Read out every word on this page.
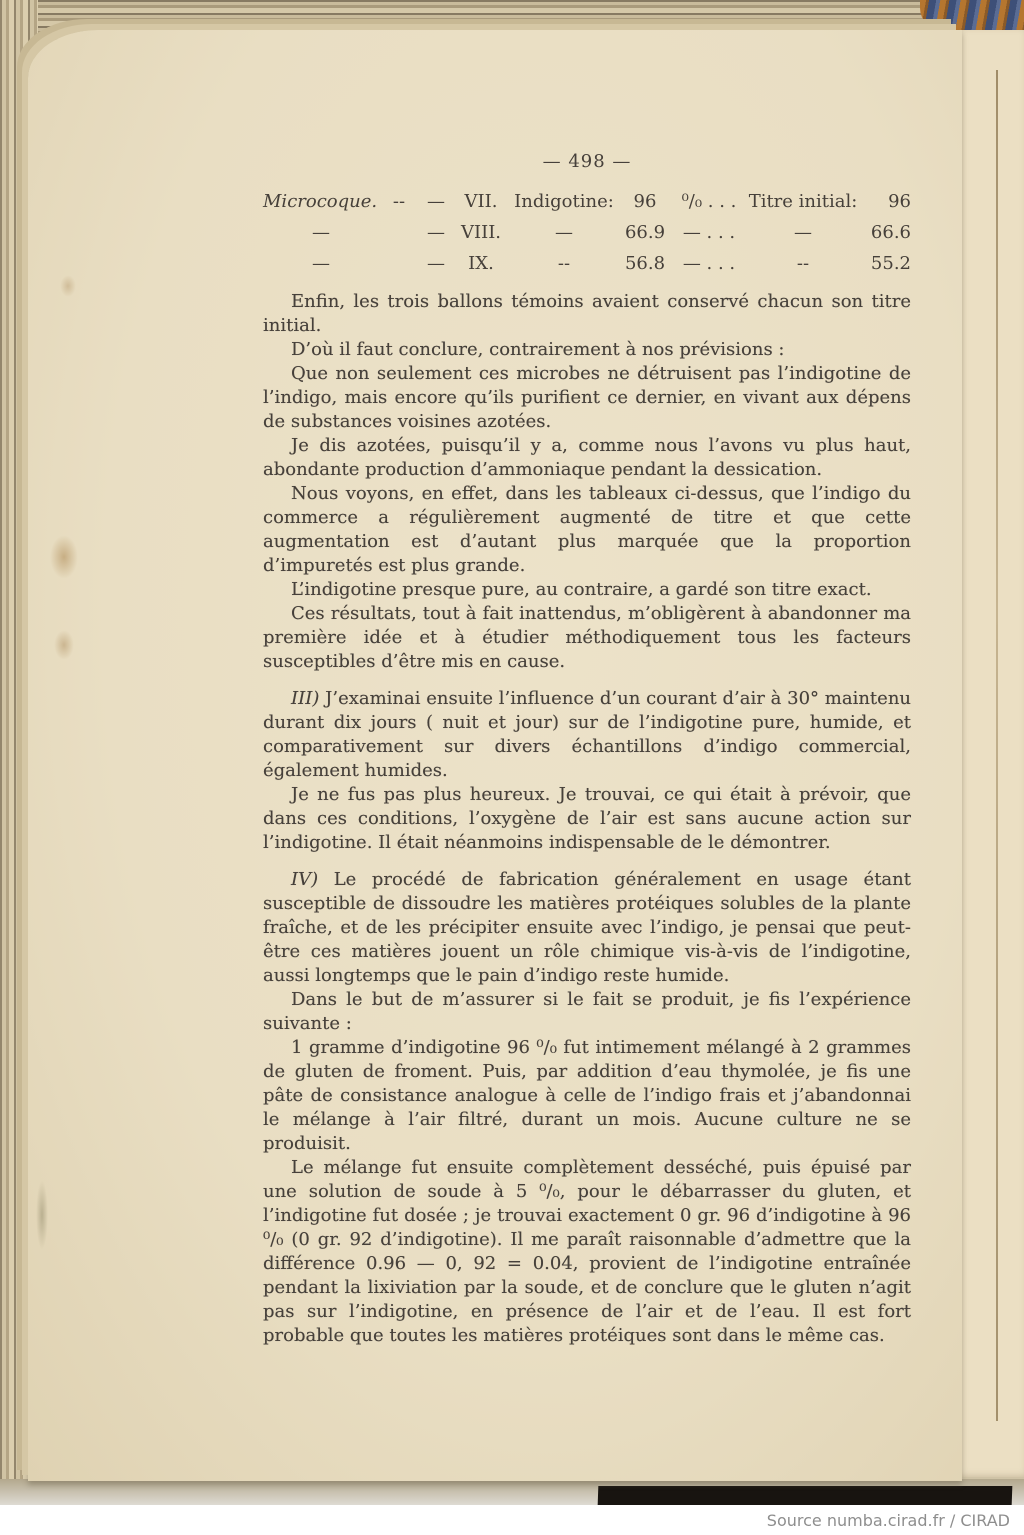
— 498 —
Microcoque. --	—	VII. Indigotine:	96	⁰/₀ . . . Titre initial:	96
—	— VIII.	—	66.9 — . . .	—	66.6
—	—	IX.	--	56.8 — . . .	--	55.2

Enfin, les trois ballons témoins avaient conservé chacun son titre initial.

D’où il faut conclure, contrairement à nos prévisions :

Que non seulement ces microbes ne détruisent pas l’indigotine de l’indigo, mais encore qu’ils purifient ce dernier, en vivant aux dépens de substances voisines azotées.

Je dis azotées, puisqu’il y a, comme nous l’avons vu plus haut, abondante production d’ammoniaque pendant la dessication.

Nous voyons, en effet, dans les tableaux ci-dessus, que l’indigo du commerce a régulièrement augmenté de titre et que cette augmentation est d’autant plus marquée que la proportion d’impuretés est plus grande.

L’indigotine presque pure, au contraire, a gardé son titre exact.

Ces résultats, tout à fait inattendus, m’obligèrent à abandonner ma première idée et à étudier méthodiquement tous les facteurs susceptibles d’être mis en cause.

III) J’examinai ensuite l’influence d’un courant d’air à 30° maintenu durant dix jours ( nuit et jour) sur de l’indigotine pure, humide, et comparativement sur divers échantillons d’indigo commercial, également humides.

Je ne fus pas plus heureux. Je trouvai, ce qui était à prévoir, que dans ces conditions, l’oxygène de l’air est sans aucune action sur l’indigotine. Il était néanmoins indispensable de le démontrer.

IV) Le procédé de fabrication généralement en usage étant susceptible de dissoudre les matières protéiques solubles de la plante fraîche, et de les précipiter ensuite avec l’indigo, je pensai que peut-être ces matières jouent un rôle chimique vis-à-vis de l’indigotine, aussi longtemps que le pain d’indigo reste humide.

Dans le but de m’assurer si le fait se produit, je fis l’expérience suivante :

1 gramme d’indigotine 96 ⁰/₀ fut intimement mélangé à 2 grammes de gluten de froment. Puis, par addition d’eau thymolée, je fis une pâte de consistance analogue à celle de l’indigo frais et j’abandonnai le mélange à l’air filtré, durant un mois. Aucune culture ne se produisit.

Le mélange fut ensuite complètement desséché, puis épuisé par une solution de soude à 5 ⁰/₀, pour le débarrasser du gluten, et l’indigotine fut dosée ; je trouvai exactement 0 gr. 96 d’indigotine à 96 ⁰/₀ (0 gr. 92 d’indigotine). Il me paraît raisonnable d’admettre que la différence 0.96 — 0, 92 = 0.04, provient de l’indigotine entraînée pendant la lixiviation par la soude, et de conclure que le gluten n’agit pas sur l’indigotine, en présence de l’air et de l’eau. Il est fort probable que toutes les matières protéiques sont dans le même cas.

Source numba.cirad.fr / CIRAD
